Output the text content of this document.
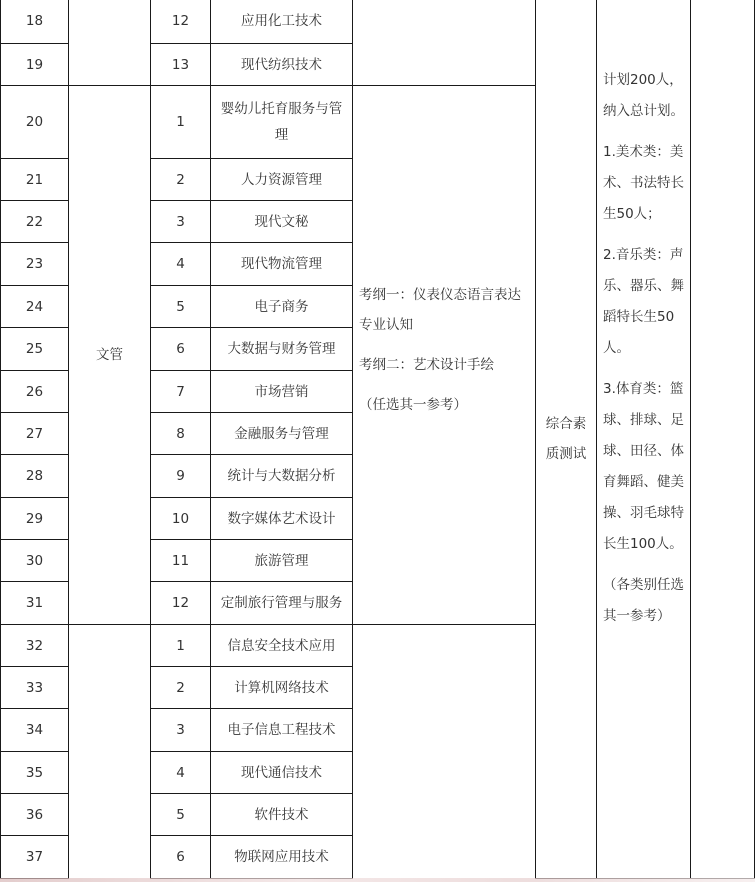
18		12	应用化工技术		综合素质测试	计划200人，纳入总计划。
1.美术类：美术、书法特长生50人；
2.音乐类：声乐、器乐、舞蹈特长生50人。
3.体育类：篮球、排球、足球、田径、体育舞蹈、健美操、羽毛球特长生100人。
（各类别任选其一参考）	

19		13	现代纺织技术				
20	文管	1	婴幼儿托育服务与管理	考纲一：仪表仪态语言表达专业认知
考纲二：艺术设计手绘
（任选其一参考）			

21		2	人力资源管理				
22		3	现代文秘				
23		4	现代物流管理				
24		5	电子商务				
25		6	大数据与财务管理				
26		7	市场营销				
27		8	金融服务与管理				
28		9	统计与大数据分析				
29		10	数字媒体艺术设计				
30		11	旅游管理				
31		12	定制旅行管理与服务				
32		1	信息安全技术应用				
33		2	计算机网络技术				
34		3	电子信息工程技术				
35		4	现代通信技术				
36		5	软件技术				
37		6	物联网应用技术				
